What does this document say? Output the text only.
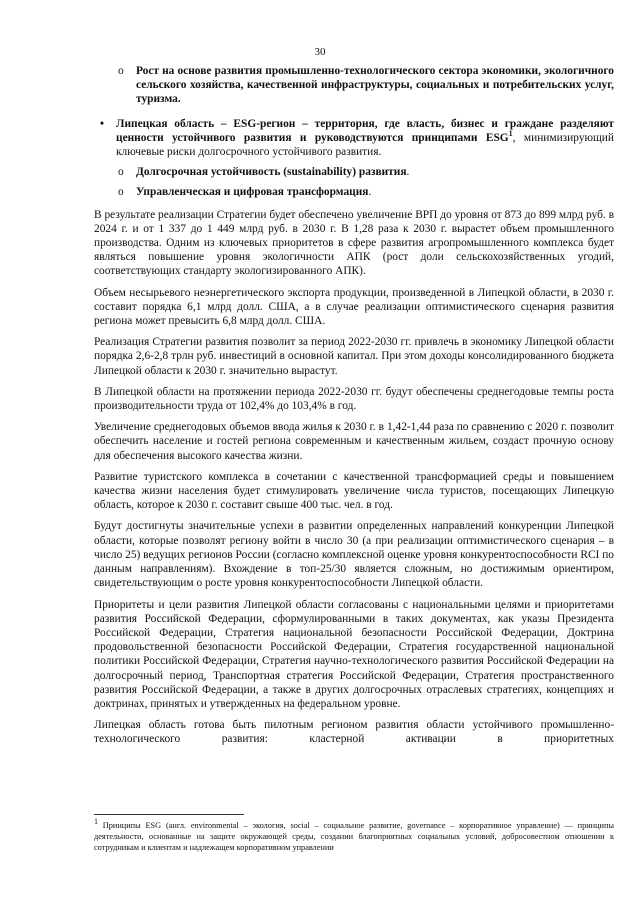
30
o Рост на основе развития промышленно-технологического сектора экономики, экологичного сельского хозяйства, качественной инфраструктуры, социальных и потребительских услуг, туризма.
• Липецкая область – ESG-регион – территория, где власть, бизнес и граждане разделяют ценности устойчивого развития и руководствуются принципами ESG$^1$, минимизирующий ключевые риски долгосрочного устойчивого развития.
o Долгосрочная устойчивость (sustainability) развития.
o Управленческая и цифровая трансформация.

В результате реализации Стратегии будет обеспечено увеличение ВРП до уровня от 873 до 899 млрд руб. в 2024 г. и от 1 337 до 1 449 млрд руб. в 2030 г. В 1,28 раза к 2030 г. вырастет объем промышленного производства. Одним из ключевых приоритетов в сфере развития агропромышленного комплекса будет являться повышение уровня экологичности АПК (рост доли сельскохозяйственных угодий, соответствующих стандарту экологизированного АПК).

Объем несырьевого неэнергетического экспорта продукции, произведенной в Липецкой области, в 2030 г. составит порядка 6,1 млрд долл. США, а в случае реализации оптимистического сценария развития региона может превысить 6,8 млрд долл. США.

Реализация Стратегии развития позволит за период 2022-2030 гг. привлечь в экономику Липецкой области порядка 2,6-2,8 трлн руб. инвестиций в основной капитал. При этом доходы консолидированного бюджета Липецкой области к 2030 г. значительно вырастут.

В Липецкой области на протяжении периода 2022-2030 гг. будут обеспечены среднегодовые темпы роста производительности труда от 102,4% до 103,4% в год.

Увеличение среднегодовых объемов ввода жилья к 2030 г. в 1,42-1,44 раза по сравнению с 2020 г. позволит обеспечить население и гостей региона современным и качественным жильем, создаст прочную основу для обеспечения высокого качества жизни.

Развитие туристского комплекса в сочетании с качественной трансформацией среды и повышением качества жизни населения будет стимулировать увеличение числа туристов, посещающих Липецкую область, которое к 2030 г. составит свыше 400 тыс. чел. в год.

Будут достигнуты значительные успехи в развитии определенных направлений конкуренции Липецкой области, которые позволят региону войти в число 30 (а при реализации оптимистического сценария – в число 25) ведущих регионов России (согласно комплексной оценке уровня конкурентоспособности RCI по данным направлениям). Вхождение в топ-25/30 является сложным, но достижимым ориентиром, свидетельствующим о росте уровня конкурентоспособности Липецкой области.

Приоритеты и цели развития Липецкой области согласованы с национальными целями и приоритетами развития Российской Федерации, сформулированными в таких документах, как указы Президента Российской Федерации, Стратегия национальной безопасности Российской Федерации, Доктрина продовольственной безопасности Российской Федерации, Стратегия государственной национальной политики Российской Федерации, Стратегия научно-технологического развития Российской Федерации на долгосрочный период, Транспортная стратегия Российской Федерации, Стратегия пространственного развития Российской Федерации, а также в других долгосрочных отраслевых стратегиях, концепциях и доктринах, принятых и утвержденных на федеральном уровне.

Липецкая область готова быть пилотным регионом развития области устойчивого промышленно-технологического развития: кластерной активации в приоритетных

$^1$ Принципы ESG (англ. environmental – экология, social – социальное развитие, governance – корпоративное управление) — принципы деятельности, основанные на защите окружающей среды, создании благоприятных социальных условий, добросовестном отношении к сотрудникам и клиентам и надлежащем корпоративном управлении
